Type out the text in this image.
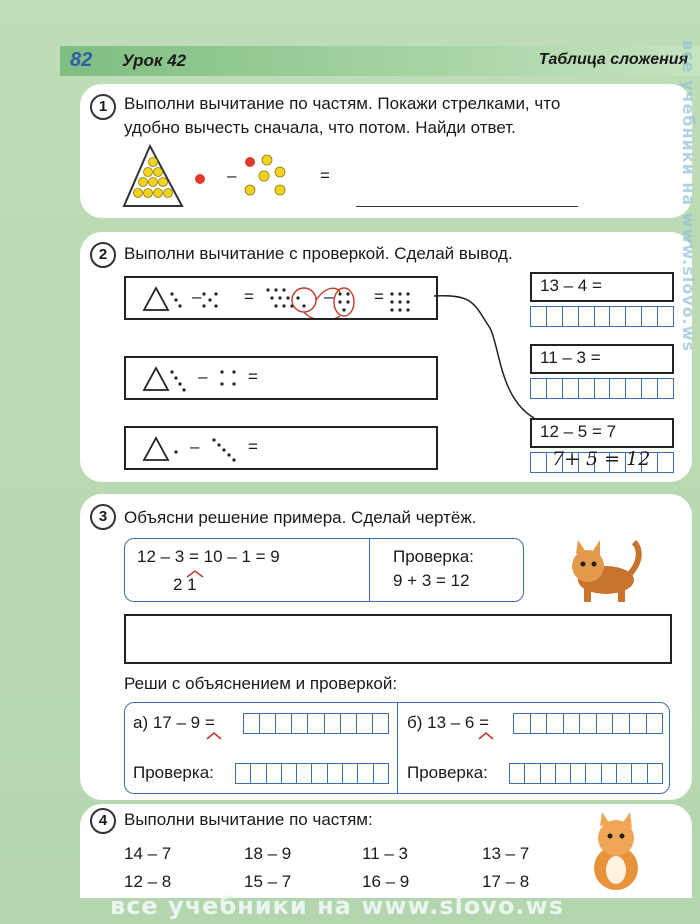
82 Урок 42	Таблица сложения
1 Выполни вычитание по частям. Покажи стрелками, что
удобно вычесть сначала, что потом. Найди ответ.
–	=
2 Выполни вычитание с проверкой. Сделай вывод.
–	=	– =
– =
–	=
13 – 4 =
11 – 3 =
12 – 5 = 7
7+ 5 = 12
3 Объясни решение примера. Сделай чертёж.
12 – 3 = 10 – 1 = 9
2 1
Проверка:
9 + 3 = 12
Реши с объяснением и проверкой:
а) 17 – 9 =
Проверка:
б) 13 – 6 =
Проверка:
4 Выполни вычитание по частям:
14 – 7	18 – 9	11 – 3	13 – 7
12 – 8	15 – 7	16 – 9	17 – 8
все учебники на www.slovo.ws
все учебники на www.slovo.ws
